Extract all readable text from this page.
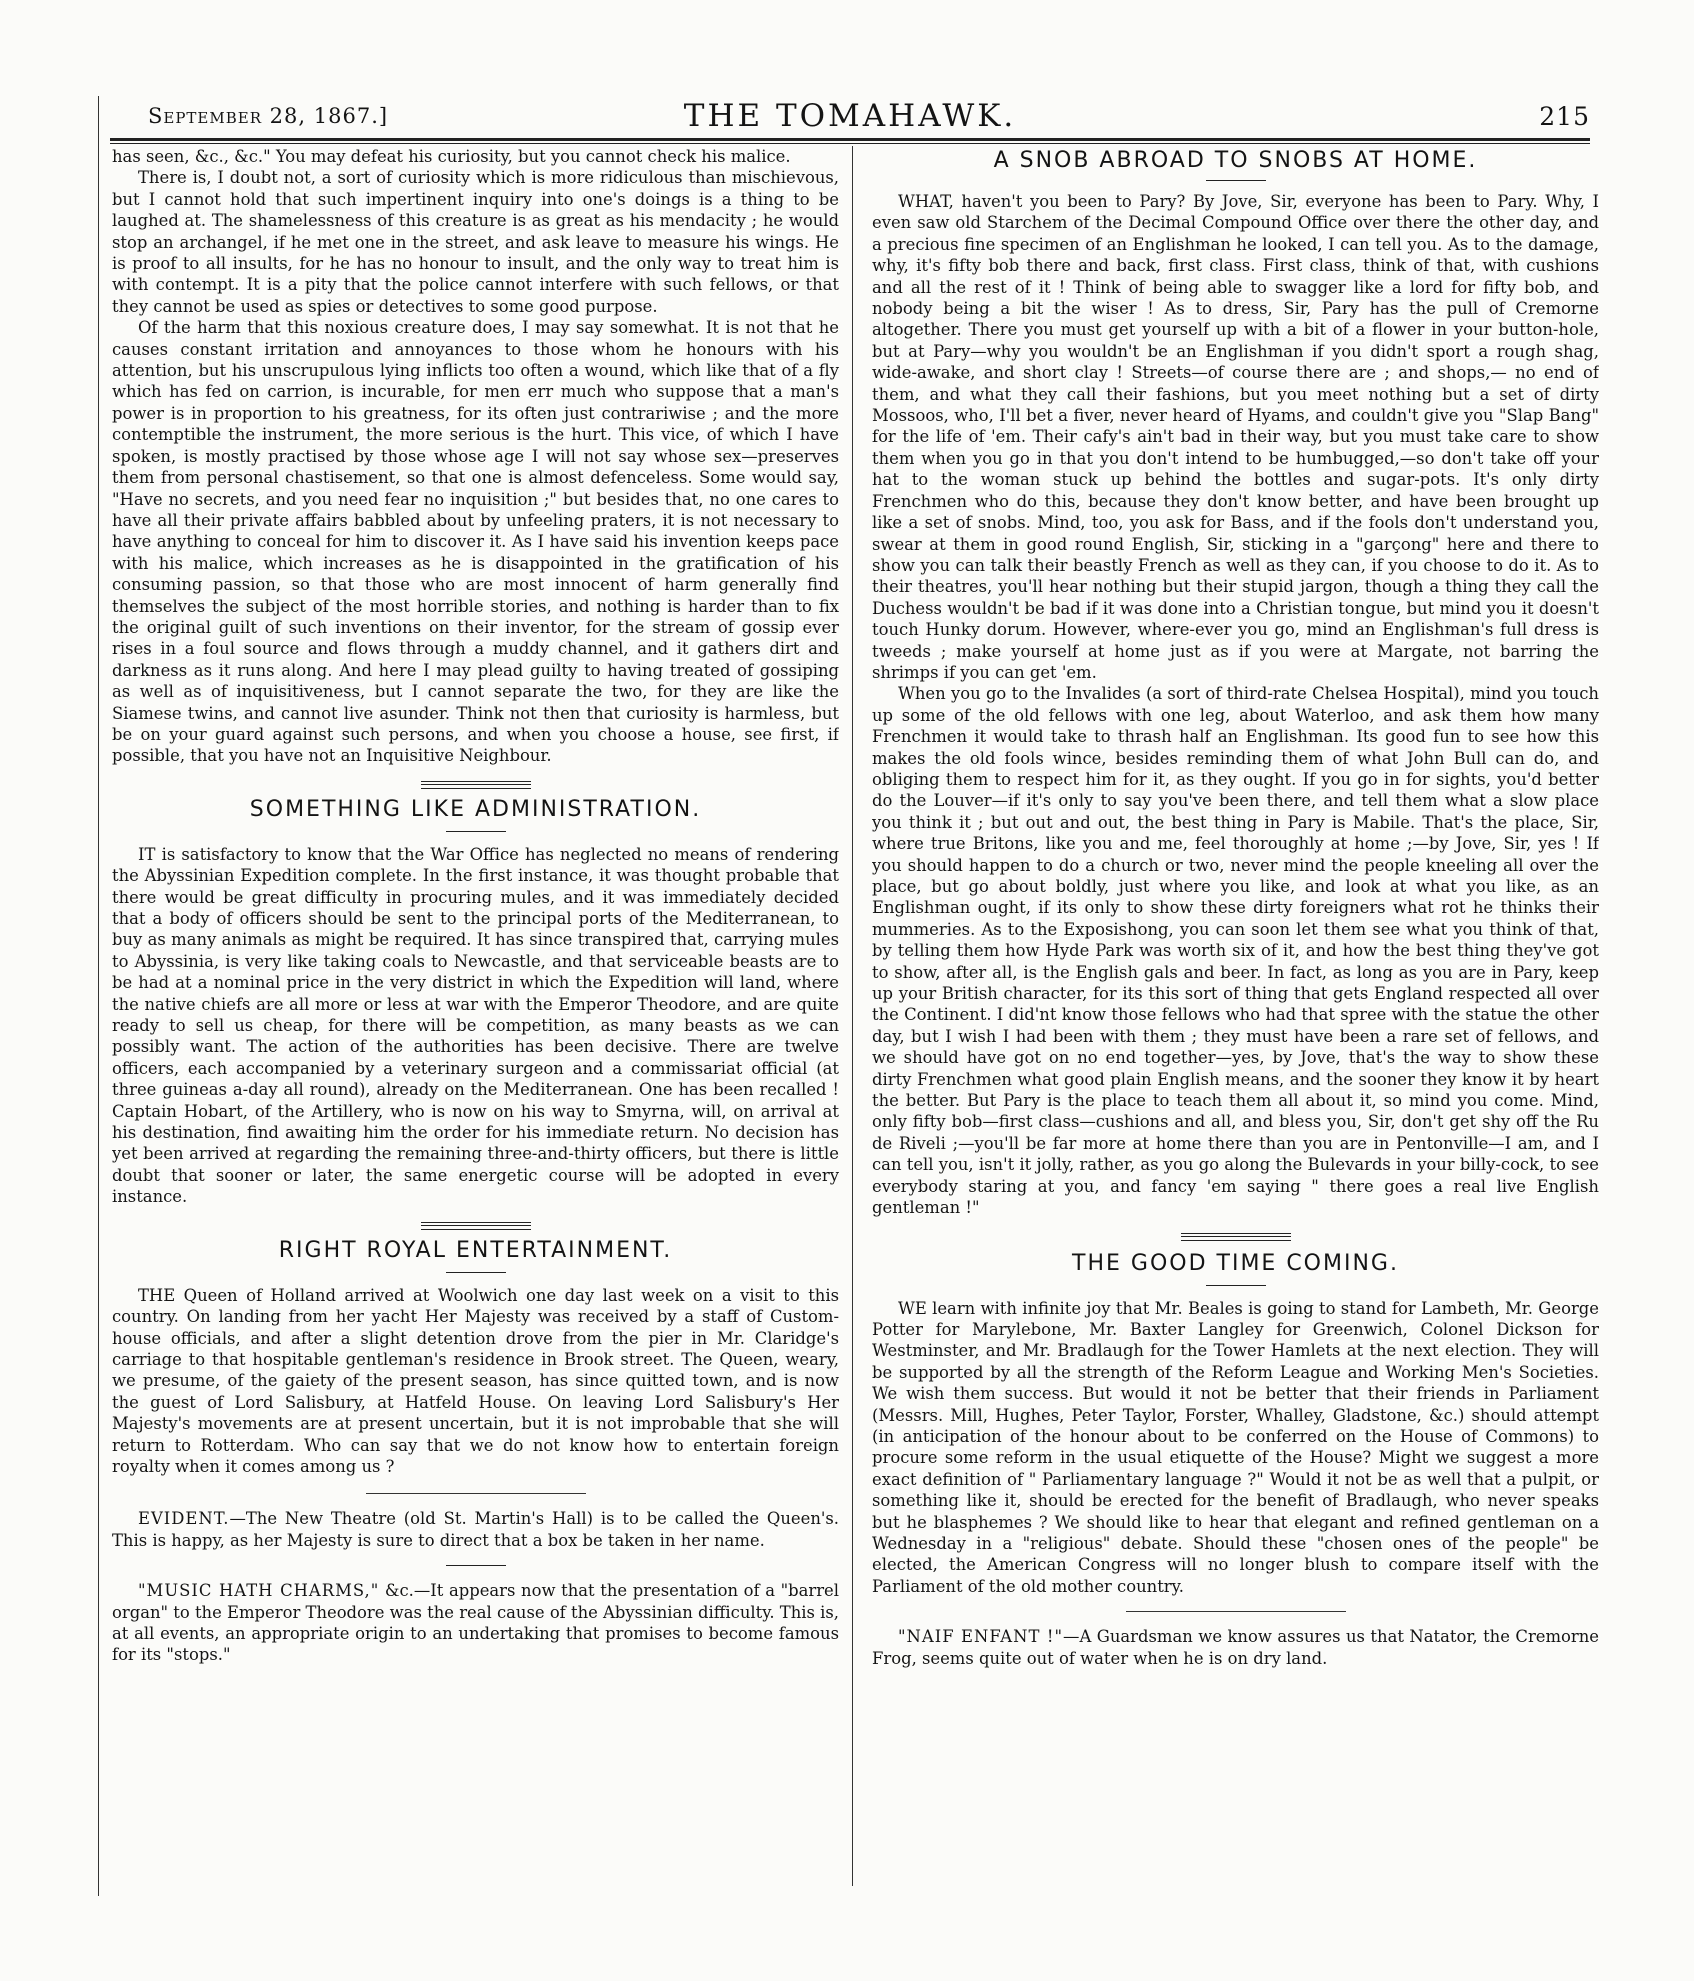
September 28, 1867.]	THE TOMAHAWK.	215

has seen, &c., &c." You may defeat his curiosity, but you cannot check his malice.

There is, I doubt not, a sort of curiosity which is more ridiculous than mischievous, but I cannot hold that such impertinent inquiry into one's doings is a thing to be laughed at. The shamelessness of this creature is as great as his mendacity ; he would stop an archangel, if he met one in the street, and ask leave to measure his wings. He is proof to all insults, for he has no honour to insult, and the only way to treat him is with contempt. It is a pity that the police cannot interfere with such fellows, or that they cannot be used as spies or detectives to some good purpose.

Of the harm that this noxious creature does, I may say somewhat. It is not that he causes constant irritation and annoyances to those whom he honours with his attention, but his unscrupulous lying inflicts too often a wound, which like that of a fly which has fed on carrion, is incurable, for men err much who suppose that a man's power is in proportion to his greatness, for its often just contrariwise ; and the more contemptible the instrument, the more serious is the hurt. This vice, of which I have spoken, is mostly practised by those whose age I will not say whose sex—preserves them from personal chastisement, so that one is almost defenceless. Some would say, "Have no secrets, and you need fear no inquisition ;" but besides that, no one cares to have all their private affairs babbled about by unfeeling praters, it is not necessary to have anything to conceal for him to discover it. As I have said his invention keeps pace with his malice, which increases as he is disappointed in the gratification of his consuming passion, so that those who are most innocent of harm generally find themselves the subject of the most horrible stories, and nothing is harder than to fix the original guilt of such inventions on their inventor, for the stream of gossip ever rises in a foul source and flows through a muddy channel, and it gathers dirt and darkness as it runs along. And here I may plead guilty to having treated of gossiping as well as of inquisitiveness, but I cannot separate the two, for they are like the Siamese twins, and cannot live asunder. Think not then that curiosity is harmless, but be on your guard against such persons, and when you choose a house, see first, if possible, that you have not an Inquisitive Neighbour.

SOMETHING LIKE ADMINISTRATION.

IT is satisfactory to know that the War Office has neglected no means of rendering the Abyssinian Expedition complete. In the first instance, it was thought probable that there would be great difficulty in procuring mules, and it was immediately decided that a body of officers should be sent to the principal ports of the Mediterranean, to buy as many animals as might be required. It has since transpired that, carrying mules to Abyssinia, is very like taking coals to Newcastle, and that serviceable beasts are to be had at a nominal price in the very district in which the Expedition will land, where the native chiefs are all more or less at war with the Emperor Theodore, and are quite ready to sell us cheap, for there will be competition, as many beasts as we can possibly want. The action of the authorities has been decisive. There are twelve officers, each accompanied by a veterinary surgeon and a commissariat official (at three guineas a-day all round), already on the Mediterranean. One has been recalled ! Captain Hobart, of the Artillery, who is now on his way to Smyrna, will, on arrival at his destination, find awaiting him the order for his immediate return. No decision has yet been arrived at regarding the remaining three-and-thirty officers, but there is little doubt that sooner or later, the same energetic course will be adopted in every instance.

RIGHT ROYAL ENTERTAINMENT.

THE Queen of Holland arrived at Woolwich one day last week on a visit to this country. On landing from her yacht Her Majesty was received by a staff of Custom-house officials, and after a slight detention drove from the pier in Mr. Claridge's carriage to that hospitable gentleman's residence in Brook street. The Queen, weary, we presume, of the gaiety of the present season, has since quitted town, and is now the guest of Lord Salisbury, at Hatfeld House. On leaving Lord Salisbury's Her Majesty's movements are at present uncertain, but it is not improbable that she will return to Rotterdam. Who can say that we do not know how to entertain foreign royalty when it comes among us ?

EVIDENT.—The New Theatre (old St. Martin's Hall) is to be called the Queen's. This is happy, as her Majesty is sure to direct that a box be taken in her name.

"MUSIC HATH CHARMS," &c.—It appears now that the presentation of a "barrel organ" to the Emperor Theodore was the real cause of the Abyssinian difficulty. This is, at all events, an appropriate origin to an undertaking that promises to become famous for its "stops."

A SNOB ABROAD TO SNOBS AT HOME.

WHAT, haven't you been to Pary? By Jove, Sir, everyone has been to Pary. Why, I even saw old Starchem of the Decimal Compound Office over there the other day, and a precious fine specimen of an Englishman he looked, I can tell you. As to the damage, why, it's fifty bob there and back, first class. First class, think of that, with cushions and all the rest of it ! Think of being able to swagger like a lord for fifty bob, and nobody being a bit the wiser ! As to dress, Sir, Pary has the pull of Cremorne altogether. There you must get yourself up with a bit of a flower in your button-hole, but at Pary—why you wouldn't be an Englishman if you didn't sport a rough shag, wide-awake, and short clay ! Streets—of course there are ; and shops,— no end of them, and what they call their fashions, but you meet nothing but a set of dirty Mossoos, who, I'll bet a fiver, never heard of Hyams, and couldn't give you "Slap Bang" for the life of 'em. Their cafy's ain't bad in their way, but you must take care to show them when you go in that you don't intend to be humbugged,—so don't take off your hat to the woman stuck up behind the bottles and sugar-pots. It's only dirty Frenchmen who do this, because they don't know better, and have been brought up like a set of snobs. Mind, too, you ask for Bass, and if the fools don't understand you, swear at them in good round English, Sir, sticking in a "garçong" here and there to show you can talk their beastly French as well as they can, if you choose to do it. As to their theatres, you'll hear nothing but their stupid jargon, though a thing they call the Duchess wouldn't be bad if it was done into a Christian tongue, but mind you it doesn't touch Hunky dorum. However, where-ever you go, mind an Englishman's full dress is tweeds ; make yourself at home just as if you were at Margate, not barring the shrimps if you can get 'em.

When you go to the Invalides (a sort of third-rate Chelsea Hospital), mind you touch up some of the old fellows with one leg, about Waterloo, and ask them how many Frenchmen it would take to thrash half an Englishman. Its good fun to see how this makes the old fools wince, besides reminding them of what John Bull can do, and obliging them to respect him for it, as they ought. If you go in for sights, you'd better do the Louver—if it's only to say you've been there, and tell them what a slow place you think it ; but out and out, the best thing in Pary is Mabile. That's the place, Sir, where true Britons, like you and me, feel thoroughly at home ;—by Jove, Sir, yes ! If you should happen to do a church or two, never mind the people kneeling all over the place, but go about boldly, just where you like, and look at what you like, as an Englishman ought, if its only to show these dirty foreigners what rot he thinks their mummeries. As to the Exposishong, you can soon let them see what you think of that, by telling them how Hyde Park was worth six of it, and how the best thing they've got to show, after all, is the English gals and beer. In fact, as long as you are in Pary, keep up your British character, for its this sort of thing that gets England respected all over the Continent. I did'nt know those fellows who had that spree with the statue the other day, but I wish I had been with them ; they must have been a rare set of fellows, and we should have got on no end together—yes, by Jove, that's the way to show these dirty Frenchmen what good plain English means, and the sooner they know it by heart the better. But Pary is the place to teach them all about it, so mind you come. Mind, only fifty bob—first class—cushions and all, and bless you, Sir, don't get shy off the Ru de Riveli ;—you'll be far more at home there than you are in Pentonville—I am, and I can tell you, isn't it jolly, rather, as you go along the Bulevards in your billy-cock, to see everybody staring at you, and fancy 'em saying " there goes a real live English gentleman !"

THE GOOD TIME COMING.

WE learn with infinite joy that Mr. Beales is going to stand for Lambeth, Mr. George Potter for Marylebone, Mr. Baxter Langley for Greenwich, Colonel Dickson for Westminster, and Mr. Bradlaugh for the Tower Hamlets at the next election. They will be supported by all the strength of the Reform League and Working Men's Societies. We wish them success. But would it not be better that their friends in Parliament (Messrs. Mill, Hughes, Peter Taylor, Forster, Whalley, Gladstone, &c.) should attempt (in anticipation of the honour about to be conferred on the House of Commons) to procure some reform in the usual etiquette of the House? Might we suggest a more exact definition of " Parliamentary language ?" Would it not be as well that a pulpit, or something like it, should be erected for the benefit of Bradlaugh, who never speaks but he blasphemes ? We should like to hear that elegant and refined gentleman on a Wednesday in a "religious" debate. Should these "chosen ones of the people" be elected, the American Congress will no longer blush to compare itself with the Parliament of the old mother country.

"NAIF ENFANT !"—A Guardsman we know assures us that Natator, the Cremorne Frog, seems quite out of water when he is on dry land.
